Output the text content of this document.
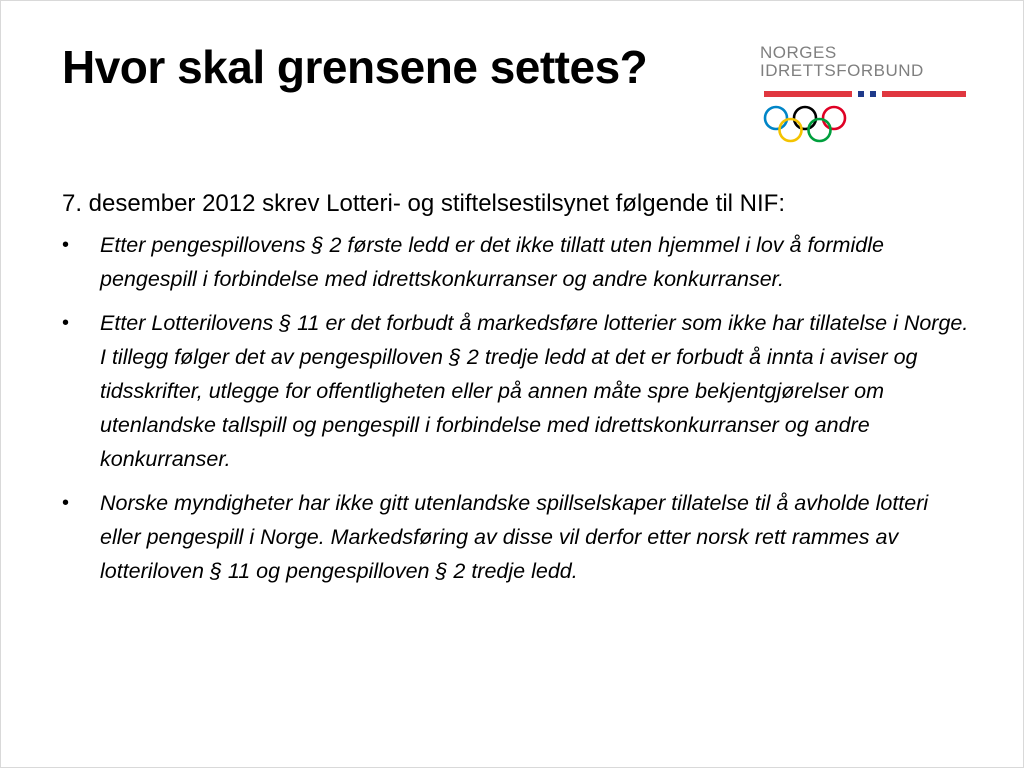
Hvor skal grensene settes?	NORGES
IDRETTSFORBUND

7. desember 2012 skrev Lotteri- og stiftelsestilsynet følgende til NIF:

• Etter pengespillovens § 2 første ledd er det ikke tillatt uten hjemmel i lov å formidle pengespill i forbindelse med idrettskonkurranser og andre konkurranser.
• Etter Lotterilovens § 11 er det forbudt å markedsføre lotterier som ikke har tillatelse i Norge. I tillegg følger det av pengespilloven § 2 tredje ledd at det er forbudt å innta i aviser og tidsskrifter, utlegge for offentligheten eller på annen måte spre bekjentgjørelser om utenlandske tallspill og pengespill i forbindelse med idrettskonkurranser og andre konkurranser.
• Norske myndigheter har ikke gitt utenlandske spillselskaper tillatelse til å avholde lotteri eller pengespill i Norge. Markedsføring av disse vil derfor etter norsk rett rammes av lotteriloven § 11 og pengespilloven § 2 tredje ledd.
